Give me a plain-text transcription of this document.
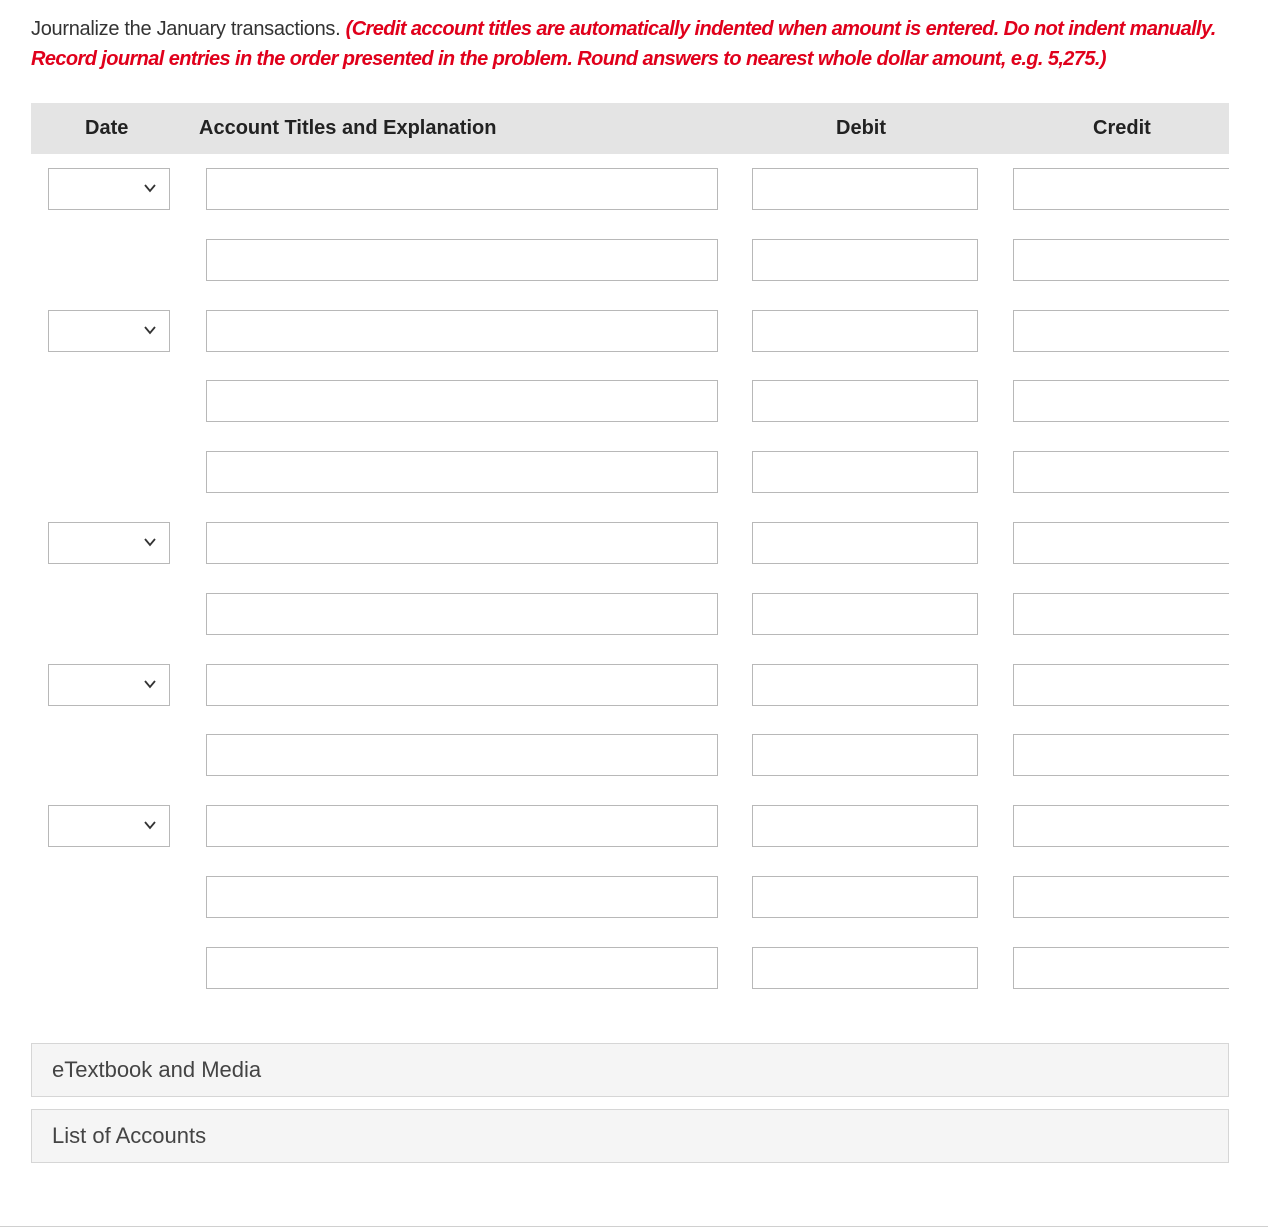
Journalize the January transactions. (Credit account titles are automatically indented when amount is entered. Do not indent manually. Record journal entries in the order presented in the problem. Round answers to nearest whole dollar amount, e.g. 5,275.)
Date	Account Titles and Explanation	Debit	Credit
eTextbook and Media
List of Accounts
